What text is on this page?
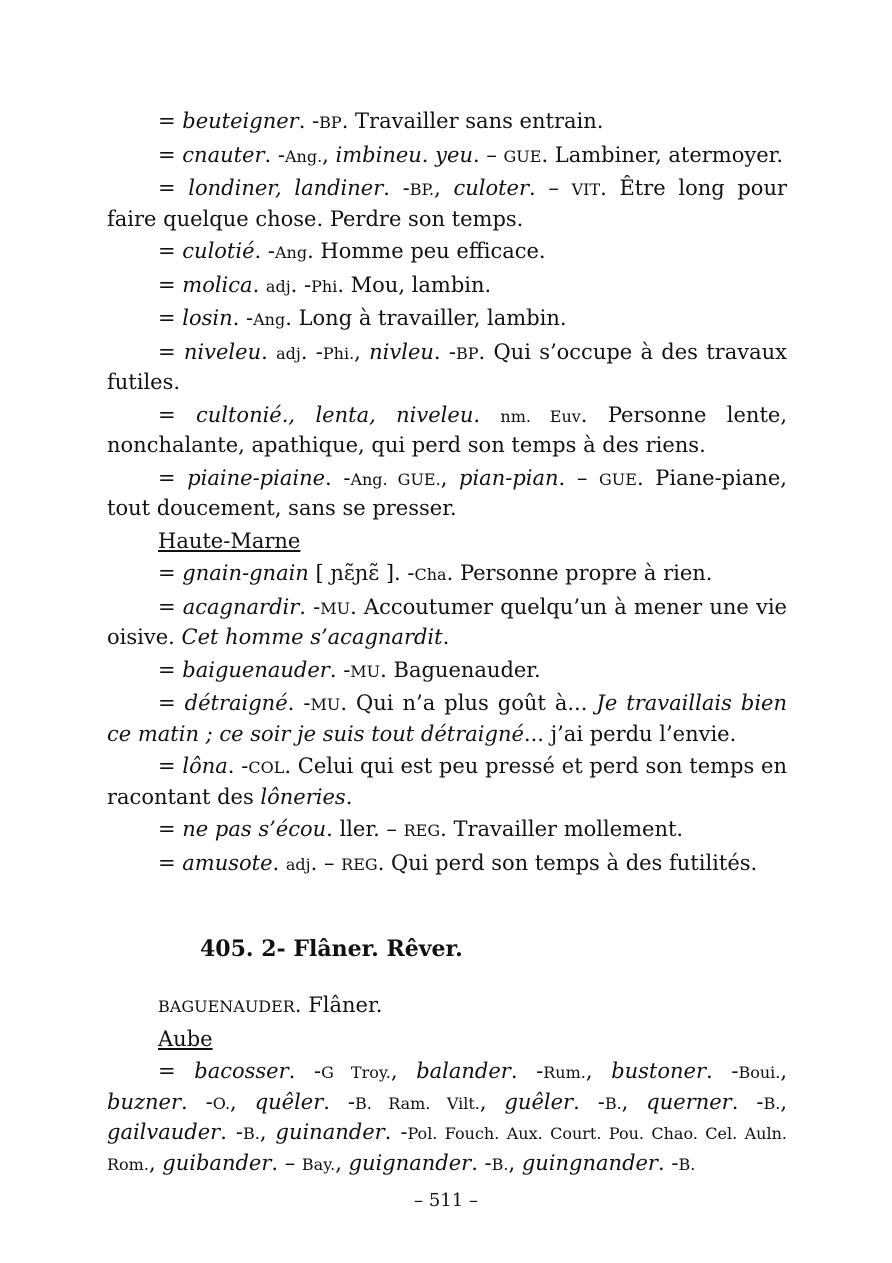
= beuteigner. -BP. Travailler sans entrain.

= cnauter. -Ang., imbineu. yeu. – GUE. Lambiner, atermoyer.

= londiner, landiner. -BP., culoter. – VIT. Être long pour faire quelque chose. Perdre son temps.

= culotié. -Ang. Homme peu efficace.

= molica. adj. -Phi. Mou, lambin.

= losin. -Ang. Long à travailler, lambin.

= niveleu. adj. -Phi., nivleu. -BP. Qui s’occupe à des travaux futiles.

= cultonié., lenta, niveleu. nm. Euv. Personne lente, nonchalante, apathique, qui perd son temps à des riens.

= piaine-piaine. -Ang. GUE., pian-pian. – GUE. Piane-piane, tout doucement, sans se presser.

Haute-Marne

= gnain-gnain [ ɲɛ̃ɲɛ̃ ]. -Cha. Personne propre à rien.

= acagnardir. -MU. Accoutumer quelqu’un à mener une vie oisive. Cet homme s’acagnardit.

= baiguenauder. -MU. Baguenauder.

= détraigné. -MU. Qui n’a plus goût à... Je travaillais bien ce matin ; ce soir je suis tout détraigné... j’ai perdu l’envie.

= lôna. -COL. Celui qui est peu pressé et perd son temps en racontant des lôneries.

= ne pas s’écou. ller. – REG. Travailler mollement.

= amusote. adj. – REG. Qui perd son temps à des futilités.

405. 2- Flâner. Rêver.

BAGUENAUDER. Flâner.

Aube

= bacosser. -G Troy., balander. -Rum., bustoner. -Boui., buzner. -O., quêler. -B. Ram. Vilt., guêler. -B., querner. -B., gailvauder. -B., guinander. -Pol. Fouch. Aux. Court. Pou. Chao. Cel. Auln. Rom., guibander. – Bay., guignander. -B., guingnander. -B.

– 511 –
